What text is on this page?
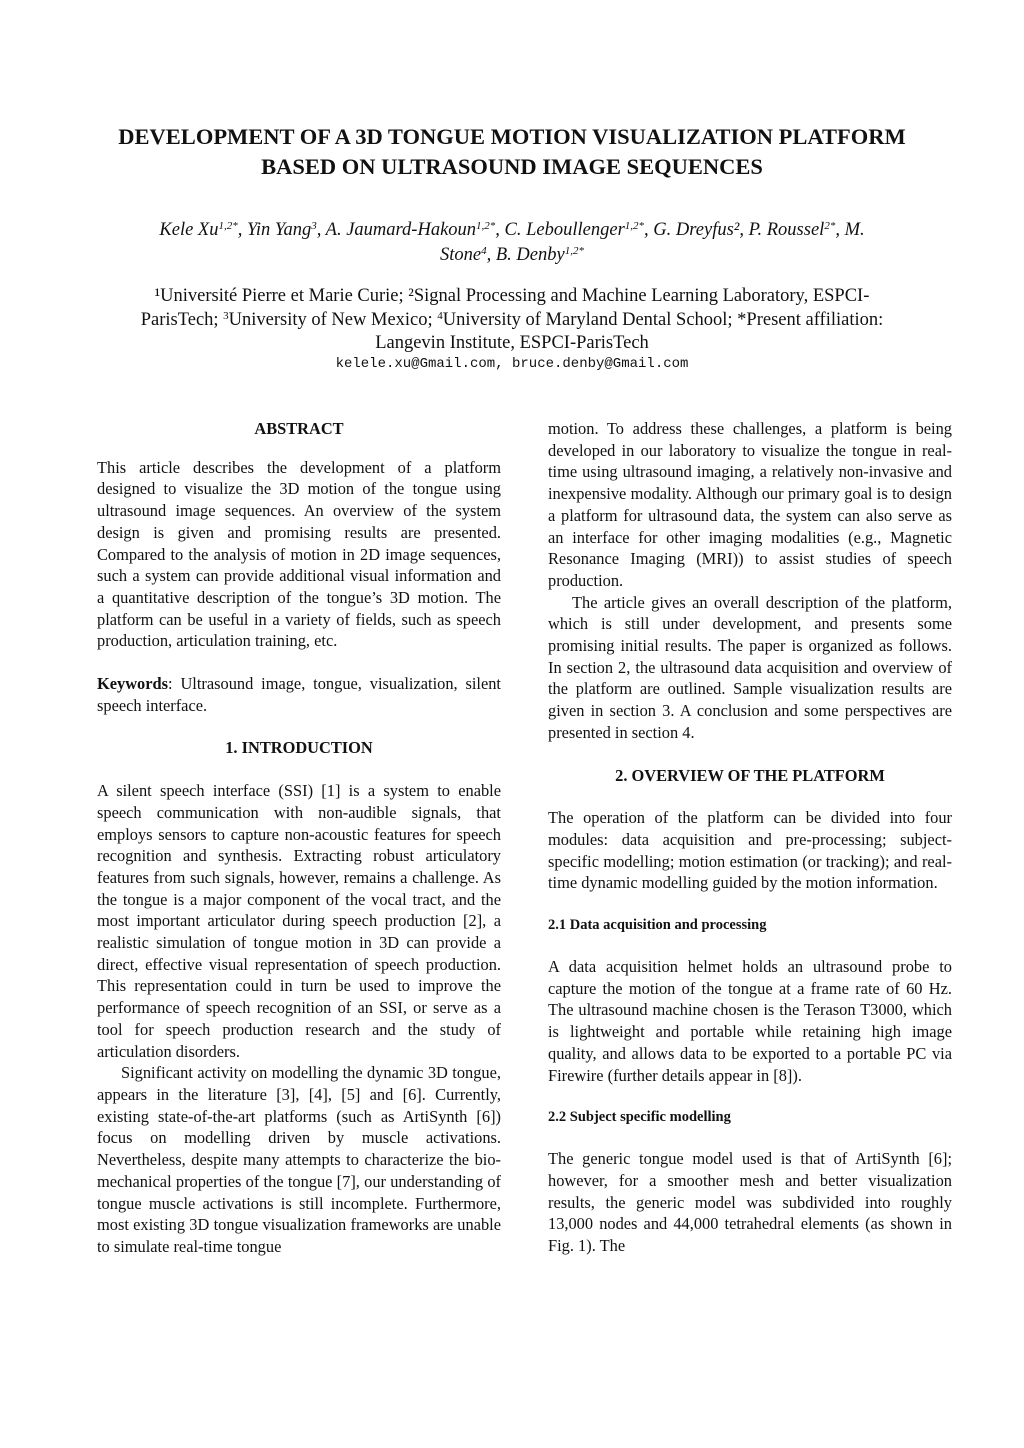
DEVELOPMENT OF A 3D TONGUE MOTION VISUALIZATION PLATFORM
BASED ON ULTRASOUND IMAGE SEQUENCES
Kele $Xu^{1,2*}$, Yin Yang$^3$, A. Jaumard-Hakoun$^{1,2*}$, C. Leboullenger$^{1,2*}$, G. Dreyfus², P. Roussel$^{2*}$, M.
Stone$^4$, B. Denby$^{1,2*}$
¹Université Pierre et Marie Curie; ²Signal Processing and Machine Learning Laboratory, ESPCI-
ParisTech; $^3$University of New Mexico; $^4$University of Maryland Dental School; *Present affiliation:
Langevin Institute, ESPCI-ParisTech
kelele.xu@Gmail.com, bruce.denby@Gmail.com
ABSTRACT

This article describes the development of a platform designed to visualize the 3D motion of the tongue using ultrasound image sequences. An overview of the system design is given and promising results are presented. Compared to the analysis of motion in 2D image sequences, such a system can provide additional visual information and a quantitative description of the tongue’s 3D motion. The platform can be useful in a variety of fields, such as speech production, articulation training, etc.

Keywords: Ultrasound image, tongue, visualization, silent speech interface.

1. INTRODUCTION

A silent speech interface (SSI) [1] is a system to enable speech communication with non-audible signals, that employs sensors to capture non-acoustic features for speech recognition and synthesis. Extracting robust articulatory features from such signals, however, remains a challenge. As the tongue is a major component of the vocal tract, and the most important articulator during speech production [2], a realistic simulation of tongue motion in 3D can provide a direct, effective visual representation of speech production. This representation could in turn be used to improve the performance of speech recognition of an SSI, or serve as a tool for speech production research and the study of articulation disorders.

Significant activity on modelling the dynamic 3D tongue, appears in the literature [3], [4], [5] and [6]. Currently, existing state-of-the-art platforms (such as ArtiSynth [6]) focus on modelling driven by muscle activations. Nevertheless, despite many attempts to characterize the bio-mechanical properties of the tongue [7], our understanding of tongue muscle activations is still incomplete. Furthermore, most existing 3D tongue visualization frameworks are unable to simulate real-time tongue

motion. To address these challenges, a platform is being developed in our laboratory to visualize the tongue in real-time using ultrasound imaging, a relatively non-invasive and inexpensive modality. Although our primary goal is to design a platform for ultrasound data, the system can also serve as an interface for other imaging modalities (e.g., Magnetic Resonance Imaging (MRI)) to assist studies of speech production.

The article gives an overall description of the platform, which is still under development, and presents some promising initial results. The paper is organized as follows. In section 2, the ultrasound data acquisition and overview of the platform are outlined. Sample visualization results are given in section 3. A conclusion and some perspectives are presented in section 4.

2. OVERVIEW OF THE PLATFORM

The operation of the platform can be divided into four modules: data acquisition and pre-processing; subject-specific modelling; motion estimation (or tracking); and real-time dynamic modelling guided by the motion information.

2.1 Data acquisition and processing

A data acquisition helmet holds an ultrasound probe to capture the motion of the tongue at a frame rate of 60 Hz. The ultrasound machine chosen is the Terason T3000, which is lightweight and portable while retaining high image quality, and allows data to be exported to a portable PC via Firewire (further details appear in [8]).

2.2 Subject specific modelling

The generic tongue model used is that of ArtiSynth [6]; however, for a smoother mesh and better visualization results, the generic model was subdivided into roughly 13,000 nodes and 44,000 tetrahedral elements (as shown in Fig. 1). The
